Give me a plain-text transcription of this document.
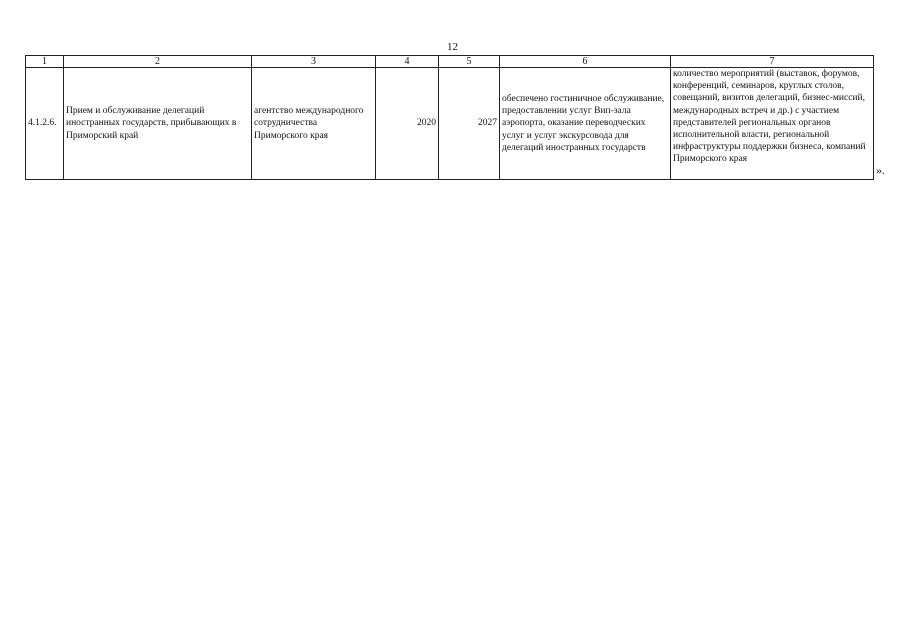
12
1	2	3	4	5	6	7
4.1.2.6.	Прием и обслуживание делегаций иностранных государств, прибывающих в Приморский край	агентство международного сотрудничества Приморского края	2020	2027	обеспечено гостиничное обслуживание, предоставлении услуг Вип-зала аэропорта, оказание переводческих услуг и услуг экскурсовода для делегаций иностранных государств	количество мероприятий (выставок, форумов, конференций, семинаров, круглых столов, совещаний, визитов делегаций, бизнес-миссий, международных встреч и др.) с участием представителей региональных органов исполнительной власти, региональной инфраструктуры поддержки бизнеса, компаний Приморского края
».
